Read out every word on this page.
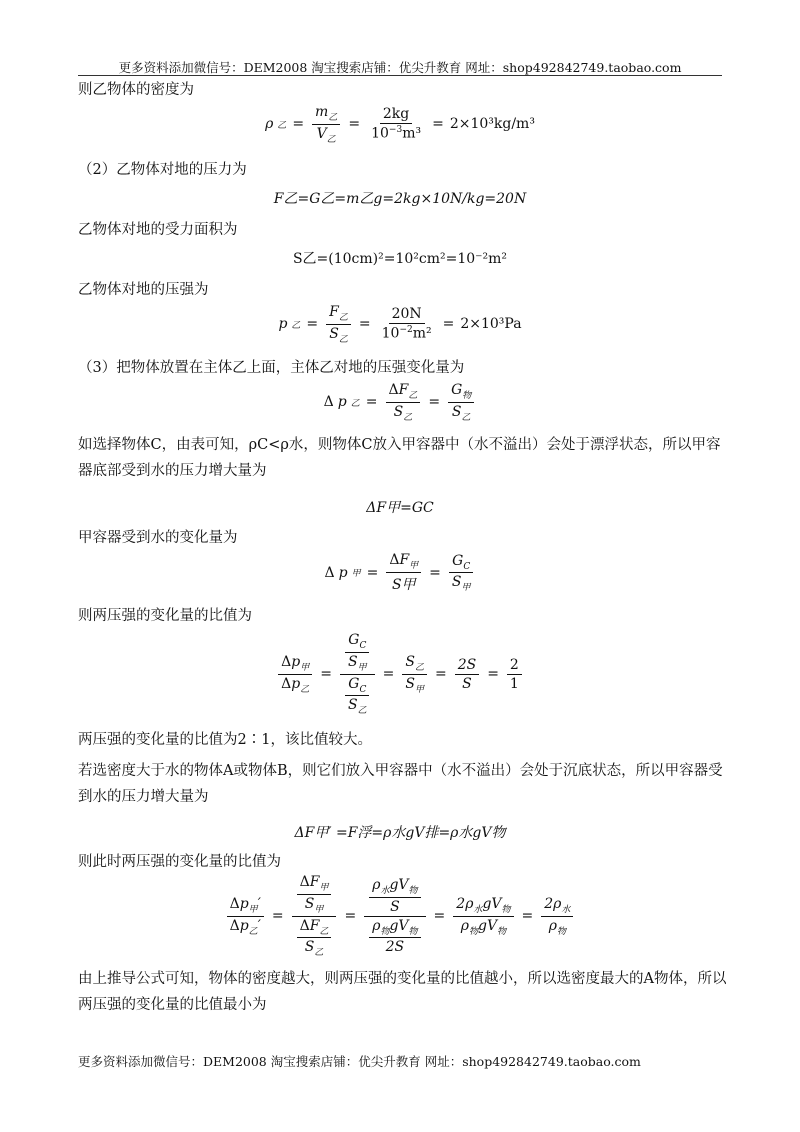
更多资料添加微信号：DEM2008 淘宝搜索店铺：优尖升教育 网址：shop492842749.taobao.com
则乙物体的密度为
ρ 乙 = $\frac{m_乙}{V_乙} = \frac{2kg}{10^{-3}m^3} = 2\times 10^3kg/m^3$
（2）乙物体对地的压力为
F乙=G乙=m乙g=2kg×10N/kg=20N
乙物体对地的受力面积为
S乙=(10cm)²=10²cm²=10⁻²m²
乙物体对地的压强为
p 乙 = $\frac{F_乙}{S_乙} = \frac{20N}{10^{-2}m^2} = 2\times 10^3Pa$
（3）把物体放置在主体乙上面，主体乙对地的压强变化量为
Δ p 乙 = $\frac{\Delta F_乙}{S_乙} = \frac{G_物}{S_乙}$
如选择物体C，由表可知，ρC<ρ水，则物体C放入甲容器中（水不溢出）会处于漂浮状态，所以甲容器底部受到水的压力增大量为
ΔF甲=GC
甲容器受到水的变化量为
Δ p 甲 = $\frac{\Delta F_甲}{\text{S甲}} = \frac{G_C}{S_甲}$
则两压强的变化量的比值为
$\frac{\Delta p_甲}{\Delta p_乙} = \frac{\frac{G_C}{S_甲}}{\frac{G_C}{S_乙}} = \frac{S_乙}{S_甲} = \frac{2S}{S} = \frac{2}{1}$
两压强的变化量的比值为2∶1，该比值较大。
若选密度大于水的物体A或物体B，则它们放入甲容器中（水不溢出）会处于沉底状态，所以甲容器受到水的压力增大量为
ΔF甲′ =F浮=ρ水gV排=ρ水gV物
则此时两压强的变化量的比值为
$\frac{\Delta p_甲'}{\Delta p_乙'} = \frac{\frac{\Delta F_甲}{S_甲}}{\frac{\Delta F_乙}{S_乙}} = \frac{\frac{\rho_水gV_物}{S}}{\frac{\rho_物gV_物}{2S}} = \frac{2\rho_水gV_物}{\rho_物gV_物} = \frac{2\rho_水}{\rho_物}$
由上推导公式可知，物体的密度越大，则两压强的变化量的比值越小，所以选密度最大的A物体，所以两压强的变化量的比值最小为
更多资料添加微信号：DEM2008 淘宝搜索店铺：优尖升教育 网址：shop492842749.taobao.com
